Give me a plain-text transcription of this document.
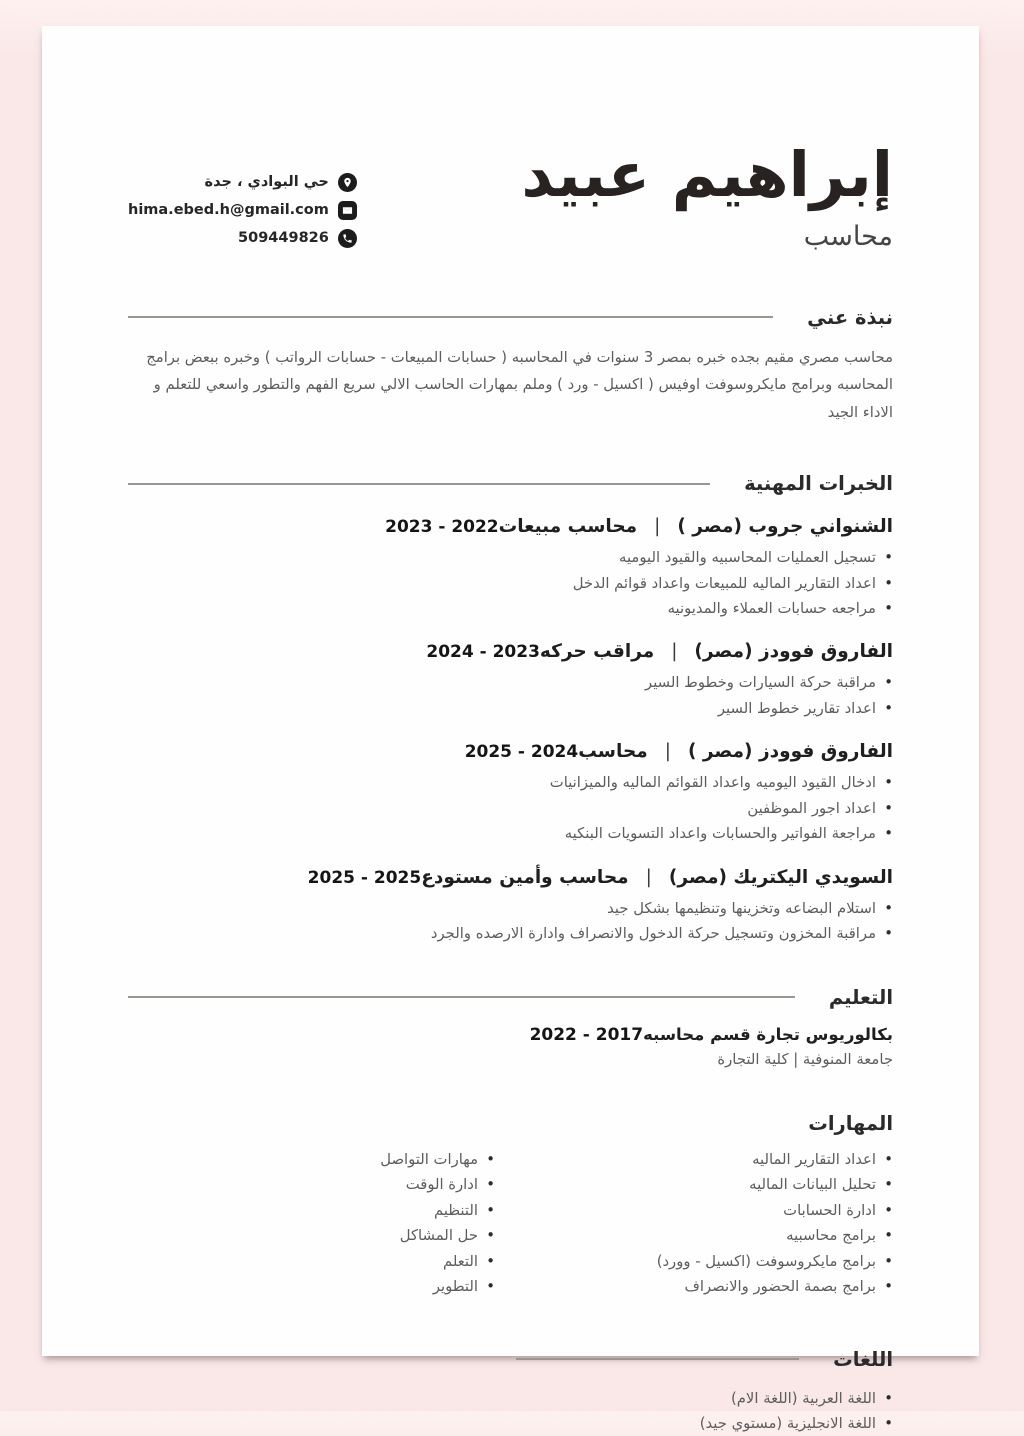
إبراهيم عبيد
محاسب
حي البوادي ، جدة
hima.ebed.h@gmail.com
509449826
نبذة عني

محاسب مصري مقيم بجده خبره بمصر 3 سنوات في المحاسبه ( حسابات المبيعات - حسابات الرواتب ) وخبره ببعض برامج المحاسبه وبرامج مايكروسوفت اوفيس ( اكسيل - ورد ) وملم بمهارات الحاسب الالي سريع الفهم والتطور واسعي للتعلم و الاداء الجيد

الخبرات المهنية
الشنواني جروب (مصر )
|
محاسب مبيعات
2023 - 2022
• تسجيل العمليات المحاسبيه والقيود اليوميه
• اعداد التقارير الماليه للمبيعات واعداد قوائم الدخل
• مراجعه حسابات العملاء والمديونيه
الفاروق فوودز (مصر)
|
مراقب حركه
2024 - 2023
• مراقبة حركة السيارات وخطوط السير
• اعداد تقارير خطوط السير
الفاروق فوودز (مصر )
|
محاسب
2025 - 2024
• ادخال القيود اليوميه واعداد القوائم الماليه والميزانيات
• اعداد اجور الموظفين
• مراجعة الفواتير والحسابات واعداد التسويات البنكيه
السويدي اليكتريك (مصر)
|
محاسب وأمين مستودع
2025 - 2025
• استلام البضاعه وتخزينها وتنظيمها بشكل جيد
• مراقبة المخزون وتسجيل حركة الدخول والانصراف وادارة الارصده والجرد
التعليم
بكالوريوس تجارة قسم محاسبه
جامعة المنوفية | كلية التجارة
2022 - 2017
المهارات
• اعداد التقارير الماليه
• تحليل البيانات الماليه
• ادارة الحسابات
• برامج محاسبيه
• برامج مايكروسوفت (اكسيل - وورد)
• برامج بصمة الحضور والانصراف
• مهارات التواصل
• ادارة الوقت
• التنظيم
• حل المشاكل
• التعلم
• التطوير
اللغات
• اللغة العربية (اللغة الام)
• اللغة الانجليزية (مستوي جيد)
